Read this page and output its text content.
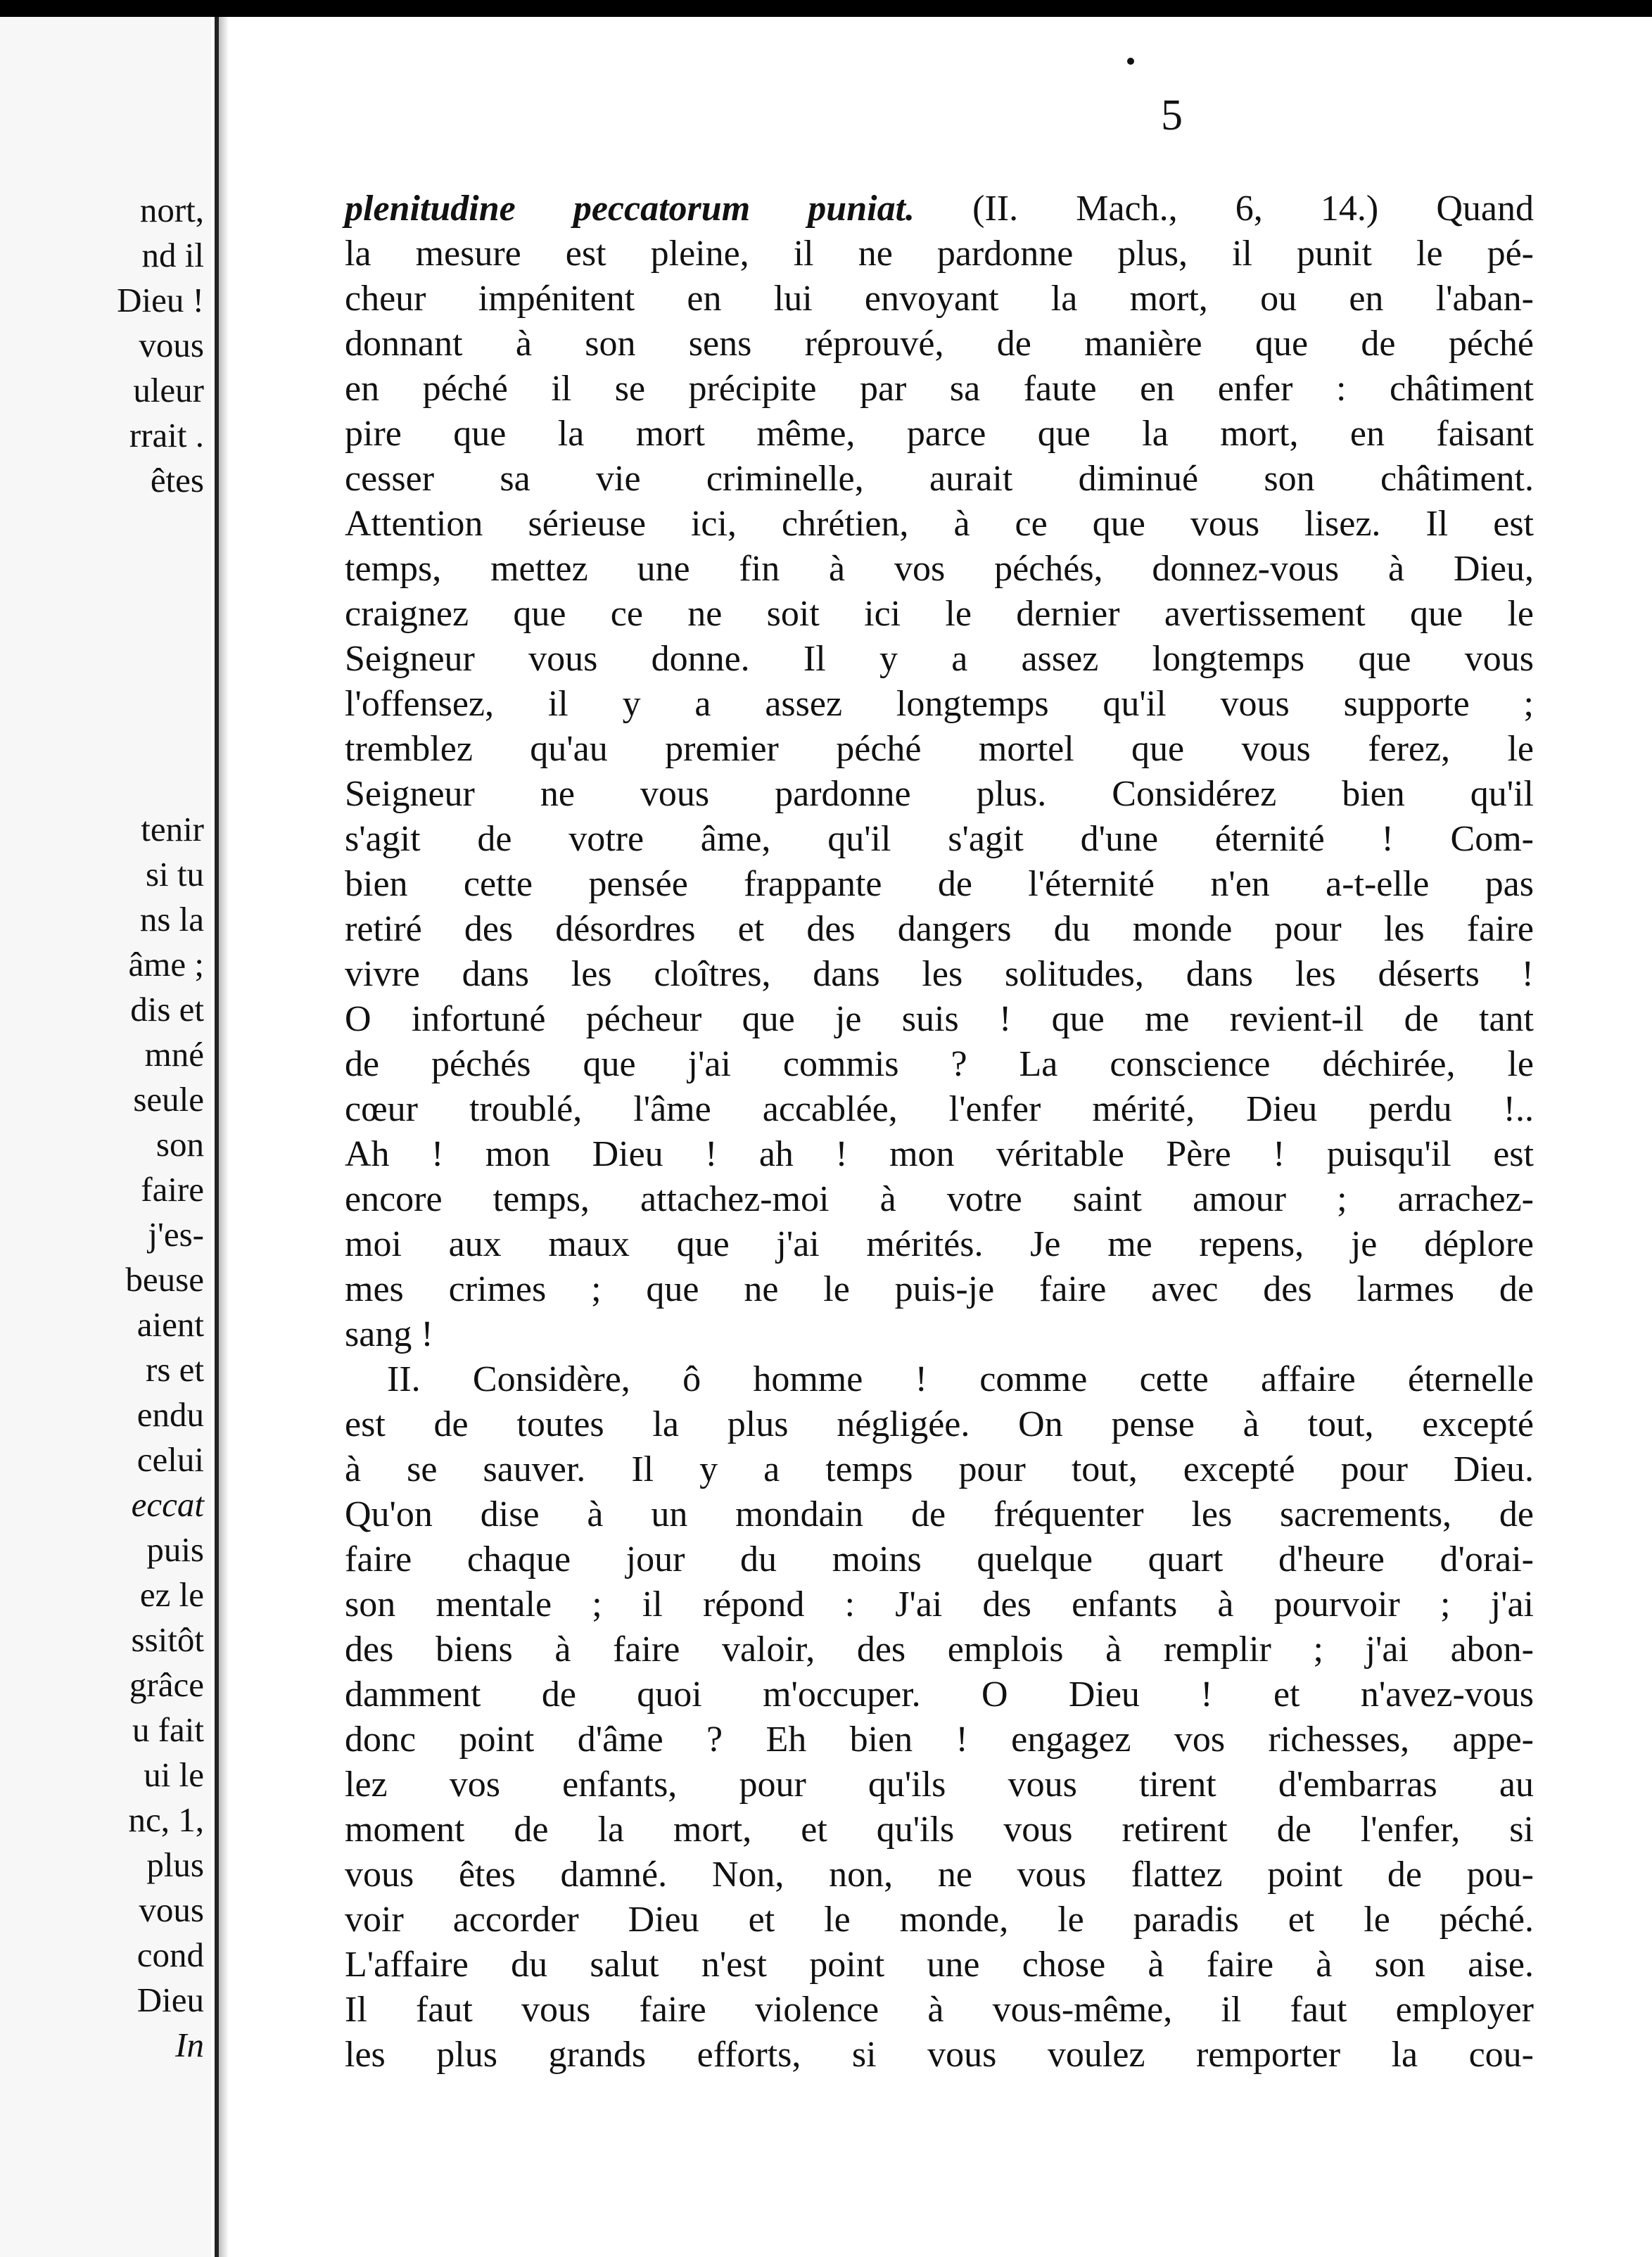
nort,
nd il
Dieu !
vous
uleur
rrait .
êtes
tenir
si tu
ns la
âme ;
dis et
mné
seule
son
faire
j'es-
beuse
aient
rs et
endu
celui
eccat
puis
ez le
ssitôt
grâce
u fait
ui le
nc, 1,
plus
vous
cond
Dieu
In
5
plenitudine peccatorum puniat. (II. Mach., 6, 14.) Quand
la mesure est pleine, il ne pardonne plus, il punit le pé-
cheur impénitent en lui envoyant la mort, ou en l'aban-
donnant à son sens réprouvé, de manière que de péché
en péché il se précipite par sa faute en enfer : châtiment
pire que la mort même, parce que la mort, en faisant
cesser sa vie criminelle, aurait diminué son châtiment.
Attention sérieuse ici, chrétien, à ce que vous lisez. Il est
temps, mettez une fin à vos péchés, donnez-vous à Dieu,
craignez que ce ne soit ici le dernier avertissement que le
Seigneur vous donne. Il y a assez longtemps que vous
l'offensez, il y a assez longtemps qu'il vous supporte ;
tremblez qu'au premier péché mortel que vous ferez, le
Seigneur ne vous pardonne plus. Considérez bien qu'il
s'agit de votre âme, qu'il s'agit d'une éternité ! Com-
bien cette pensée frappante de l'éternité n'en a-t-elle pas
retiré des désordres et des dangers du monde pour les faire
vivre dans les cloîtres, dans les solitudes, dans les déserts !
O infortuné pécheur que je suis ! que me revient-il de tant
de péchés que j'ai commis ? La conscience déchirée, le
cœur troublé, l'âme accablée, l'enfer mérité, Dieu perdu !..
Ah ! mon Dieu ! ah ! mon véritable Père ! puisqu'il est
encore temps, attachez-moi à votre saint amour ; arrachez-
moi aux maux que j'ai mérités. Je me repens, je déplore
mes crimes ; que ne le puis-je faire avec des larmes de
sang !
II. Considère, ô homme ! comme cette affaire éternelle
est de toutes la plus négligée. On pense à tout, excepté
à se sauver. Il y a temps pour tout, excepté pour Dieu.
Qu'on dise à un mondain de fréquenter les sacrements, de
faire chaque jour du moins quelque quart d'heure d'orai-
son mentale ; il répond : J'ai des enfants à pourvoir ; j'ai
des biens à faire valoir, des emplois à remplir ; j'ai abon-
damment de quoi m'occuper. O Dieu ! et n'avez-vous
donc point d'âme ? Eh bien ! engagez vos richesses, appe-
lez vos enfants, pour qu'ils vous tirent d'embarras au
moment de la mort, et qu'ils vous retirent de l'enfer, si
vous êtes damné. Non, non, ne vous flattez point de pou-
voir accorder Dieu et le monde, le paradis et le péché.
L'affaire du salut n'est point une chose à faire à son aise.
Il faut vous faire violence à vous-même, il faut employer
les plus grands efforts, si vous voulez remporter la cou-
